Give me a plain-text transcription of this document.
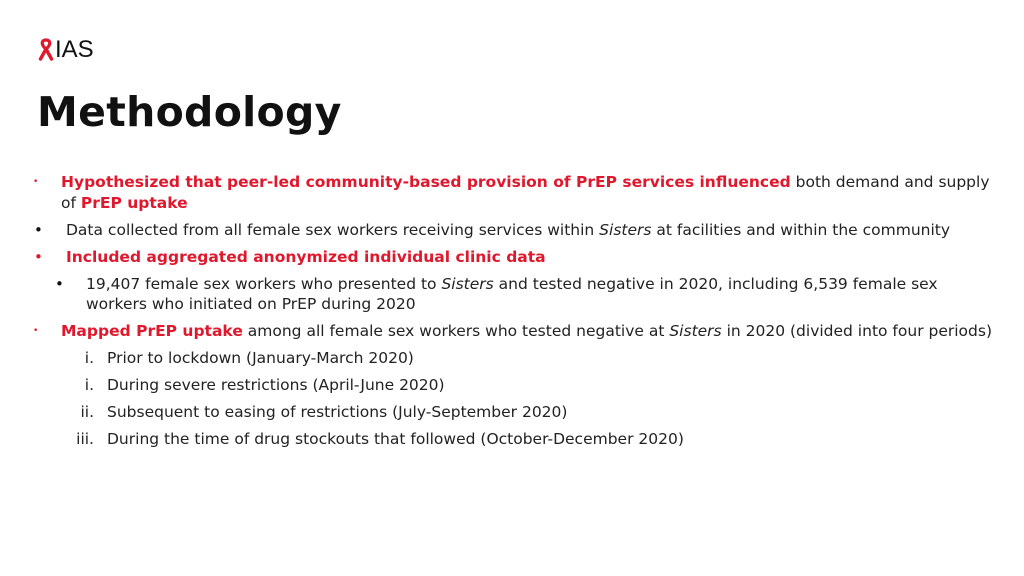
IAS
Methodology
• Hypothesized that peer-led community-based provision of PrEP services influenced both demand and supply of PrEP uptake
• Data collected from all female sex workers receiving services within Sisters at facilities and within the community
• Included aggregated anonymized individual clinic data
• 19,407 female sex workers who presented to Sisters and tested negative in 2020, including 6,539 female sex workers who initiated on PrEP during 2020
• Mapped PrEP uptake among all female sex workers who tested negative at Sisters in 2020 (divided into four periods)
i. Prior to lockdown (January-March 2020)
i. During severe restrictions (April-June 2020)
ii. Subsequent to easing of restrictions (July-September 2020)
iii. During the time of drug stockouts that followed (October-December 2020)
